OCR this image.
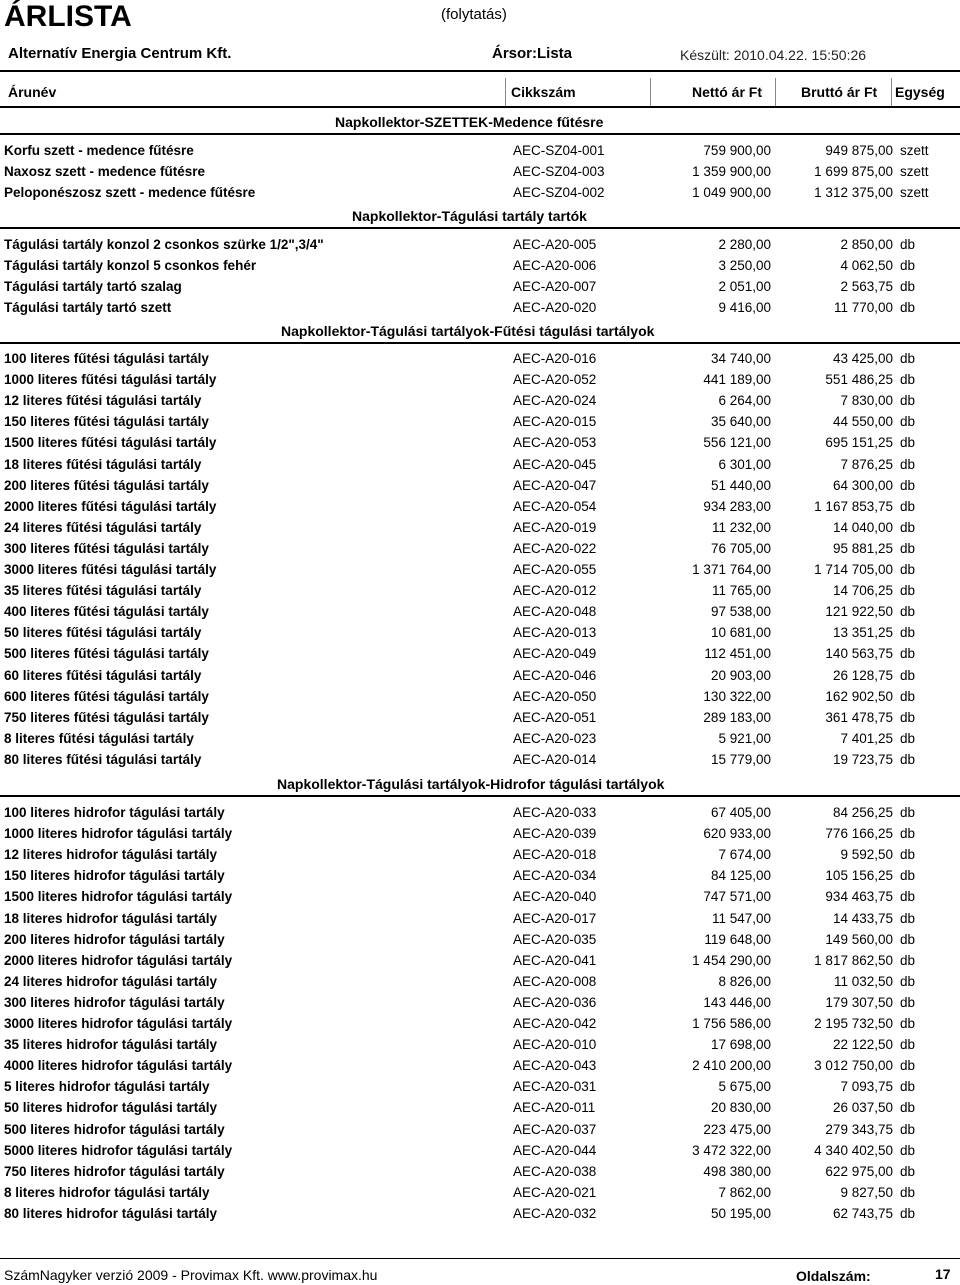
ÁRLISTA	(folytatás)
Alternatív Energia Centrum Kft.	Ársor:Lista	Készült: 2010.04.22. 15:50:26
Árunév	Cikkszám	Nettó ár Ft	Bruttó ár Ft Egység
Napkollektor-SZETTEK-Medence fűtésre
Korfu szett - medence fűtésre	AEC-SZ04-001	759 900,00	949 875,00 szett
Naxosz szett - medence fűtésre	AEC-SZ04-003	1 359 900,00	1 699 875,00 szett
Peloponészosz szett - medence fűtésre	AEC-SZ04-002	1 049 900,00	1 312 375,00 szett
Napkollektor-Tágulási tartály tartók
Tágulási tartály konzol 2 csonkos szürke 1/2",3/4"	AEC-A20-005	2 280,00	2 850,00 db
Tágulási tartály konzol 5 csonkos fehér	AEC-A20-006	3 250,00	4 062,50 db
Tágulási tartály tartó szalag	AEC-A20-007	2 051,00	2 563,75 db
Tágulási tartály tartó szett	AEC-A20-020	9 416,00	11 770,00 db
Napkollektor-Tágulási tartályok-Fűtési tágulási tartályok
100 literes fűtési tágulási tartály	AEC-A20-016	34 740,00	43 425,00 db
1000 literes fűtési tágulási tartály	AEC-A20-052	441 189,00	551 486,25 db
12 literes fűtési tágulási tartály	AEC-A20-024	6 264,00	7 830,00 db
150 literes fűtési tágulási tartály	AEC-A20-015	35 640,00	44 550,00 db
1500 literes fűtési tágulási tartály	AEC-A20-053	556 121,00	695 151,25 db
18 literes fűtési tágulási tartály	AEC-A20-045	6 301,00	7 876,25 db
200 literes fűtési tágulási tartály	AEC-A20-047	51 440,00	64 300,00 db
2000 literes fűtési tágulási tartály	AEC-A20-054	934 283,00	1 167 853,75 db
24 literes fűtési tágulási tartály	AEC-A20-019	11 232,00	14 040,00 db
300 literes fűtési tágulási tartály	AEC-A20-022	76 705,00	95 881,25 db
3000 literes fűtési tágulási tartály	AEC-A20-055	1 371 764,00	1 714 705,00 db
35 literes fűtési tágulási tartály	AEC-A20-012	11 765,00	14 706,25 db
400 literes fűtési tágulási tartály	AEC-A20-048	97 538,00	121 922,50 db
50 literes fűtési tágulási tartály	AEC-A20-013	10 681,00	13 351,25 db
500 literes fűtési tágulási tartály	AEC-A20-049	112 451,00	140 563,75 db
60 literes fűtési tágulási tartály	AEC-A20-046	20 903,00	26 128,75 db
600 literes fűtési tágulási tartály	AEC-A20-050	130 322,00	162 902,50 db
750 literes fűtési tágulási tartály	AEC-A20-051	289 183,00	361 478,75 db
8 literes fűtési tágulási tartály	AEC-A20-023	5 921,00	7 401,25 db
80 literes fűtési tágulási tartály	AEC-A20-014	15 779,00	19 723,75 db
Napkollektor-Tágulási tartályok-Hidrofor tágulási tartályok
100 literes hidrofor tágulási tartály	AEC-A20-033	67 405,00	84 256,25 db
1000 literes hidrofor tágulási tartály	AEC-A20-039	620 933,00	776 166,25 db
12 literes hidrofor tágulási tartály	AEC-A20-018	7 674,00	9 592,50 db
150 literes hidrofor tágulási tartály	AEC-A20-034	84 125,00	105 156,25 db
1500 literes hidrofor tágulási tartály	AEC-A20-040	747 571,00	934 463,75 db
18 literes hidrofor tágulási tartály	AEC-A20-017	11 547,00	14 433,75 db
200 literes hidrofor tágulási tartály	AEC-A20-035	119 648,00	149 560,00 db
2000 literes hidrofor tágulási tartály	AEC-A20-041	1 454 290,00	1 817 862,50 db
24 literes hidrofor tágulási tartály	AEC-A20-008	8 826,00	11 032,50 db
300 literes hidrofor tágulási tartály	AEC-A20-036	143 446,00	179 307,50 db
3000 literes hidrofor tágulási tartály	AEC-A20-042	1 756 586,00	2 195 732,50 db
35 literes hidrofor tágulási tartály	AEC-A20-010	17 698,00	22 122,50 db
4000 literes hidrofor tágulási tartály	AEC-A20-043	2 410 200,00	3 012 750,00 db
5 literes hidrofor tágulási tartály	AEC-A20-031	5 675,00	7 093,75 db
50 literes hidrofor tágulási tartály	AEC-A20-011	20 830,00	26 037,50 db
500 literes hidrofor tágulási tartály	AEC-A20-037	223 475,00	279 343,75 db
5000 literes hidrofor tágulási tartály	AEC-A20-044	3 472 322,00	4 340 402,50 db
750 literes hidrofor tágulási tartály	AEC-A20-038	498 380,00	622 975,00 db
8 literes hidrofor tágulási tartály	AEC-A20-021	7 862,00	9 827,50 db
80 literes hidrofor tágulási tartály	AEC-A20-032	50 195,00	62 743,75 db
SzámNagyker verzió 2009 - Provimax Kft. www.provimax.hu	Oldalszám:	17
